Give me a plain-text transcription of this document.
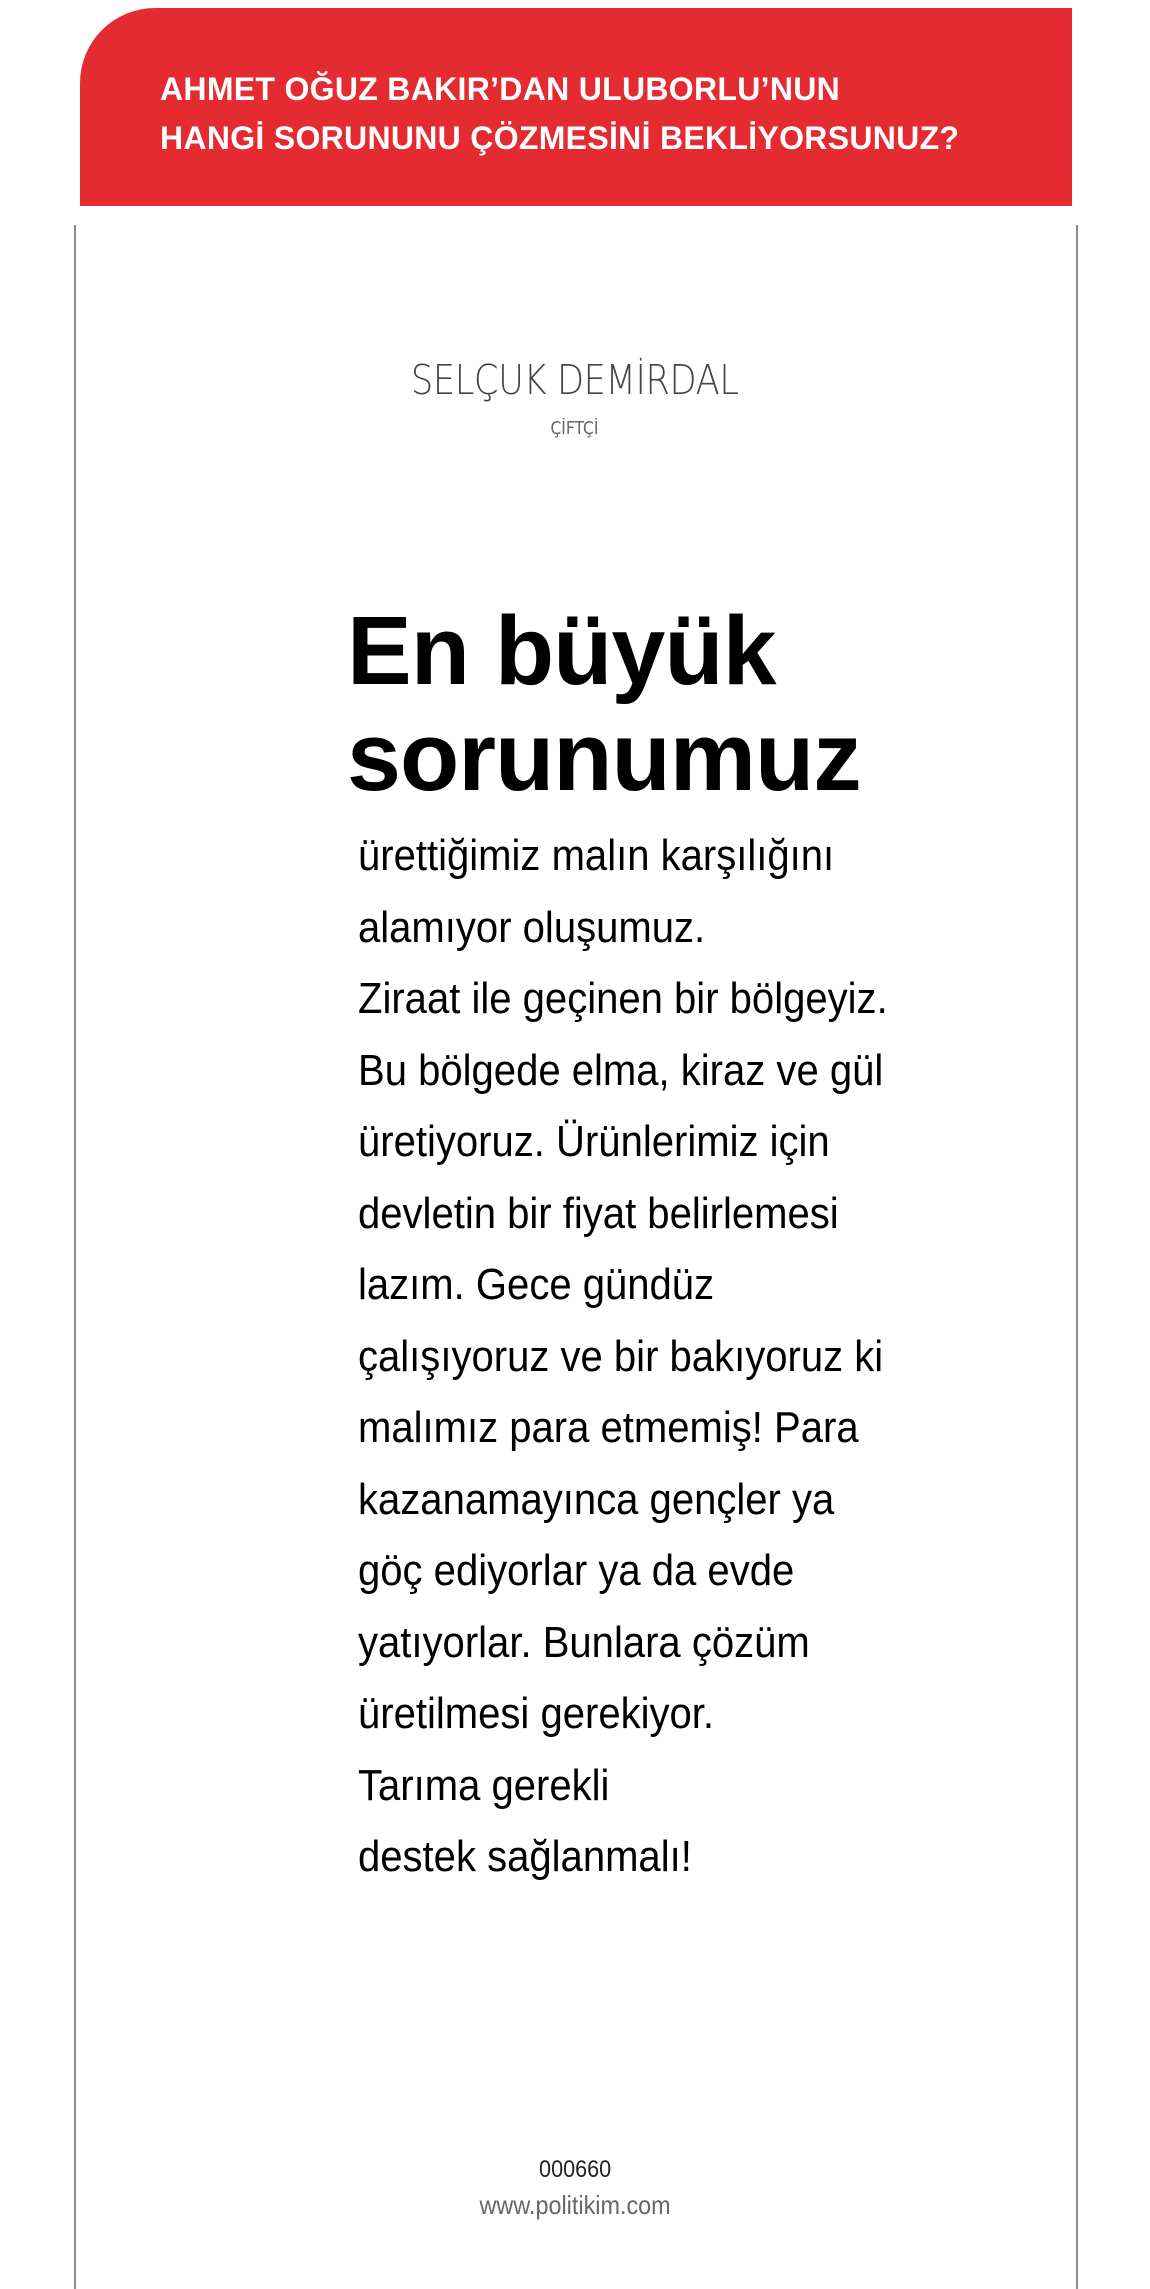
AHMET OĞUZ BAKIR’DAN ULUBORLU’NUN
HANGİ SORUNUNU ÇÖZMESİNİ BEKLİYORSUNUZ?
SELÇUK DEMİRDAL
ÇİFTÇİ
En büyük
sorunumuz
ürettiğimiz malın karşılığını
alamıyor oluşumuz.
Ziraat ile geçinen bir bölgeyiz.
Bu bölgede elma, kiraz ve gül
üretiyoruz. Ürünlerimiz için
devletin bir fiyat belirlemesi
lazım. Gece gündüz
çalışıyoruz ve bir bakıyoruz ki
malımız para etmemiş! Para
kazanamayınca gençler ya
göç ediyorlar ya da evde
yatıyorlar. Bunlara çözüm
üretilmesi gerekiyor.
Tarıma gerekli
destek sağlanmalı!
000660
www.politikim.com
